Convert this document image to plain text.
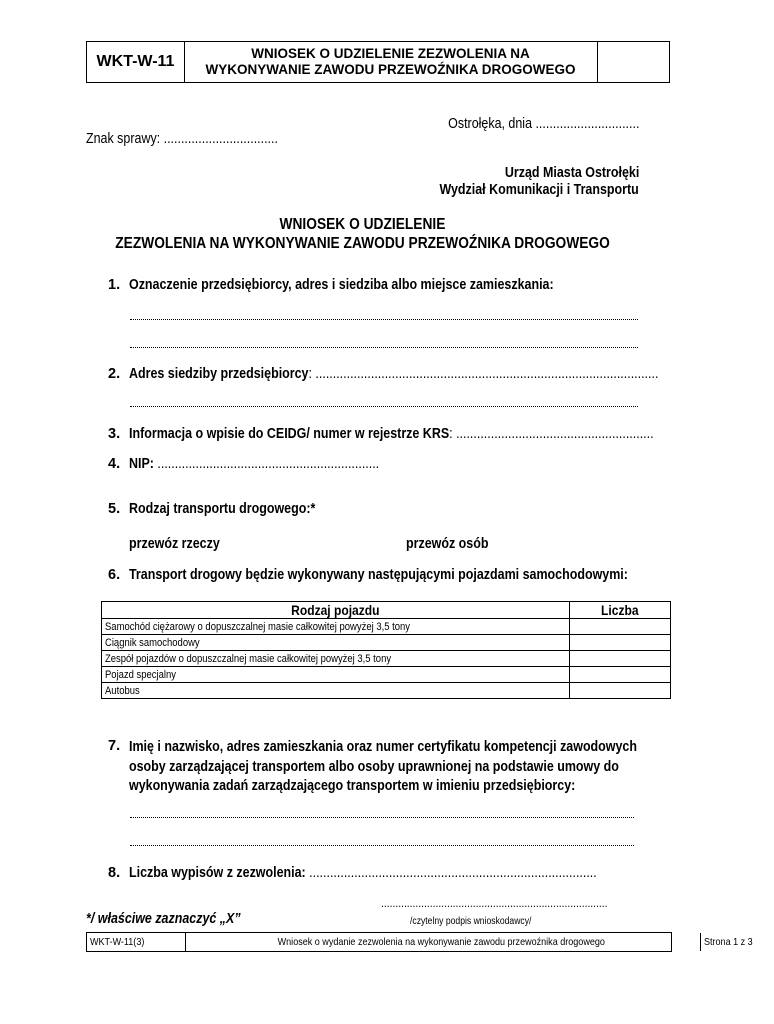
WKT-W-11	WNIOSEK O UDZIELENIE ZEZWOLENIA NA
WYKONYWANIE ZAWODU PRZEWOŹNIKA DROGOWEGO
Ostrołęka, dnia ..............................
Znak sprawy: .................................
Urząd Miasta Ostrołęki
Wydział Komunikacji i Transportu
WNIOSEK O UDZIELENIE
ZEZWOLENIA NA WYKONYWANIE ZAWODU PRZEWOŹNIKA DROGOWEGO
1. Oznaczenie przedsiębiorcy, adres i siedziba albo miejsce zamieszkania:
2. Adres siedziby przedsiębiorcy: ...................................................................................................
3. Informacja o wpisie do CEIDG/ numer w rejestrze KRS: .........................................................
4. NIP: ................................................................
5. Rodzaj transportu drogowego:*
przewóz rzeczy	przewóz osób
6. Transport drogowy będzie wykonywany następującymi pojazdami samochodowymi:
Rodzaj pojazdu	Liczba
Samochód ciężarowy o dopuszczalnej masie całkowitej powyżej 3,5 tony	
Ciągnik samochodowy	
Zespół pojazdów o dopuszczalnej masie całkowitej powyżej 3,5 tony	
Pojazd specjalny	
Autobus	
7. Imię i nazwisko, adres zamieszkania oraz numer certyfikatu kompetencji zawodowych
osoby zarządzającej transportem albo osoby uprawnionej na podstawie umowy do
wykonywania zadań zarządzającego transportem w imieniu przedsiębiorcy:
8. Liczba wypisów z zezwolenia: ...................................................................................
...............................................................................
/czytelny podpis wnioskodawcy/
*/ właściwe zaznaczyć „X”
WKT-W-11(3)	Wniosek o wydanie zezwolenia na wykonywanie zawodu przewoźnika drogowego	Strona 1 z 3
